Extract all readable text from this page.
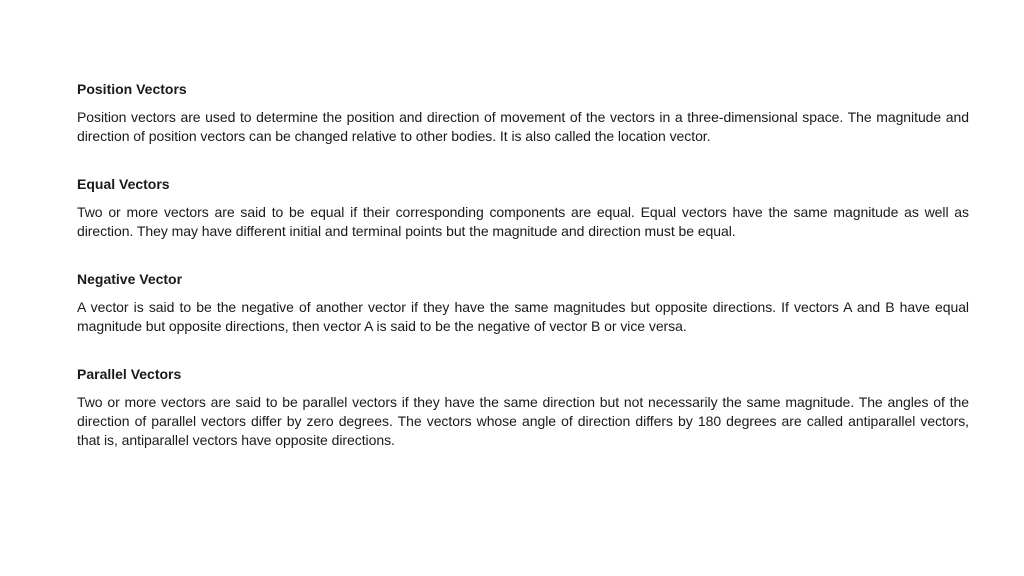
Position Vectors

Position vectors are used to determine the position and direction of movement of the vectors in a three-dimensional space. The magnitude and direction of position vectors can be changed relative to other bodies. It is also called the location vector.

Equal Vectors

Two or more vectors are said to be equal if their corresponding components are equal. Equal vectors have the same magnitude as well as direction. They may have different initial and terminal points but the magnitude and direction must be equal.

Negative Vector

A vector is said to be the negative of another vector if they have the same magnitudes but opposite directions. If vectors A and B have equal magnitude but opposite directions, then vector A is said to be the negative of vector B or vice versa.

Parallel Vectors

Two or more vectors are said to be parallel vectors if they have the same direction but not necessarily the same magnitude. The angles of the direction of parallel vectors differ by zero degrees. The vectors whose angle of direction differs by 180 degrees are called antiparallel vectors, that is, antiparallel vectors have opposite directions.
